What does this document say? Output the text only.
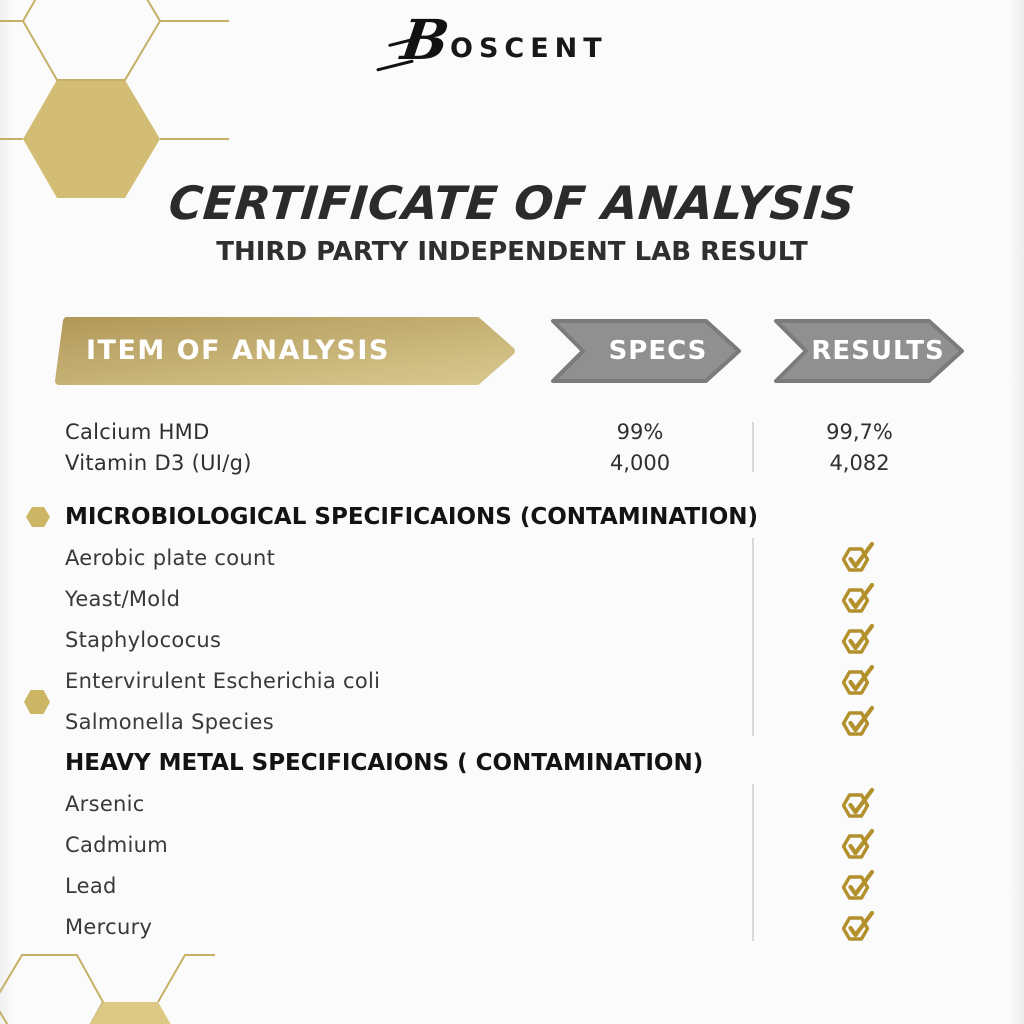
B
OSCENT
CERTIFICATE OF ANALYSIS
THIRD PARTY INDEPENDENT LAB RESULT
ITEM OF ANALYSIS	SPECS	RESULTS
Calcium HMD	99%	99,7%
Vitamin D3 (UI/g)	4,000	4,082
MICROBIOLOGICAL SPECIFICAIONS (CONTAMINATION)
Aerobic plate count
Yeast/Mold
Staphylococus
Entervirulent Escherichia coli
Salmonella Species
HEAVY METAL SPECIFICAIONS ( CONTAMINATION)
Arsenic
Cadmium
Lead
Mercury
